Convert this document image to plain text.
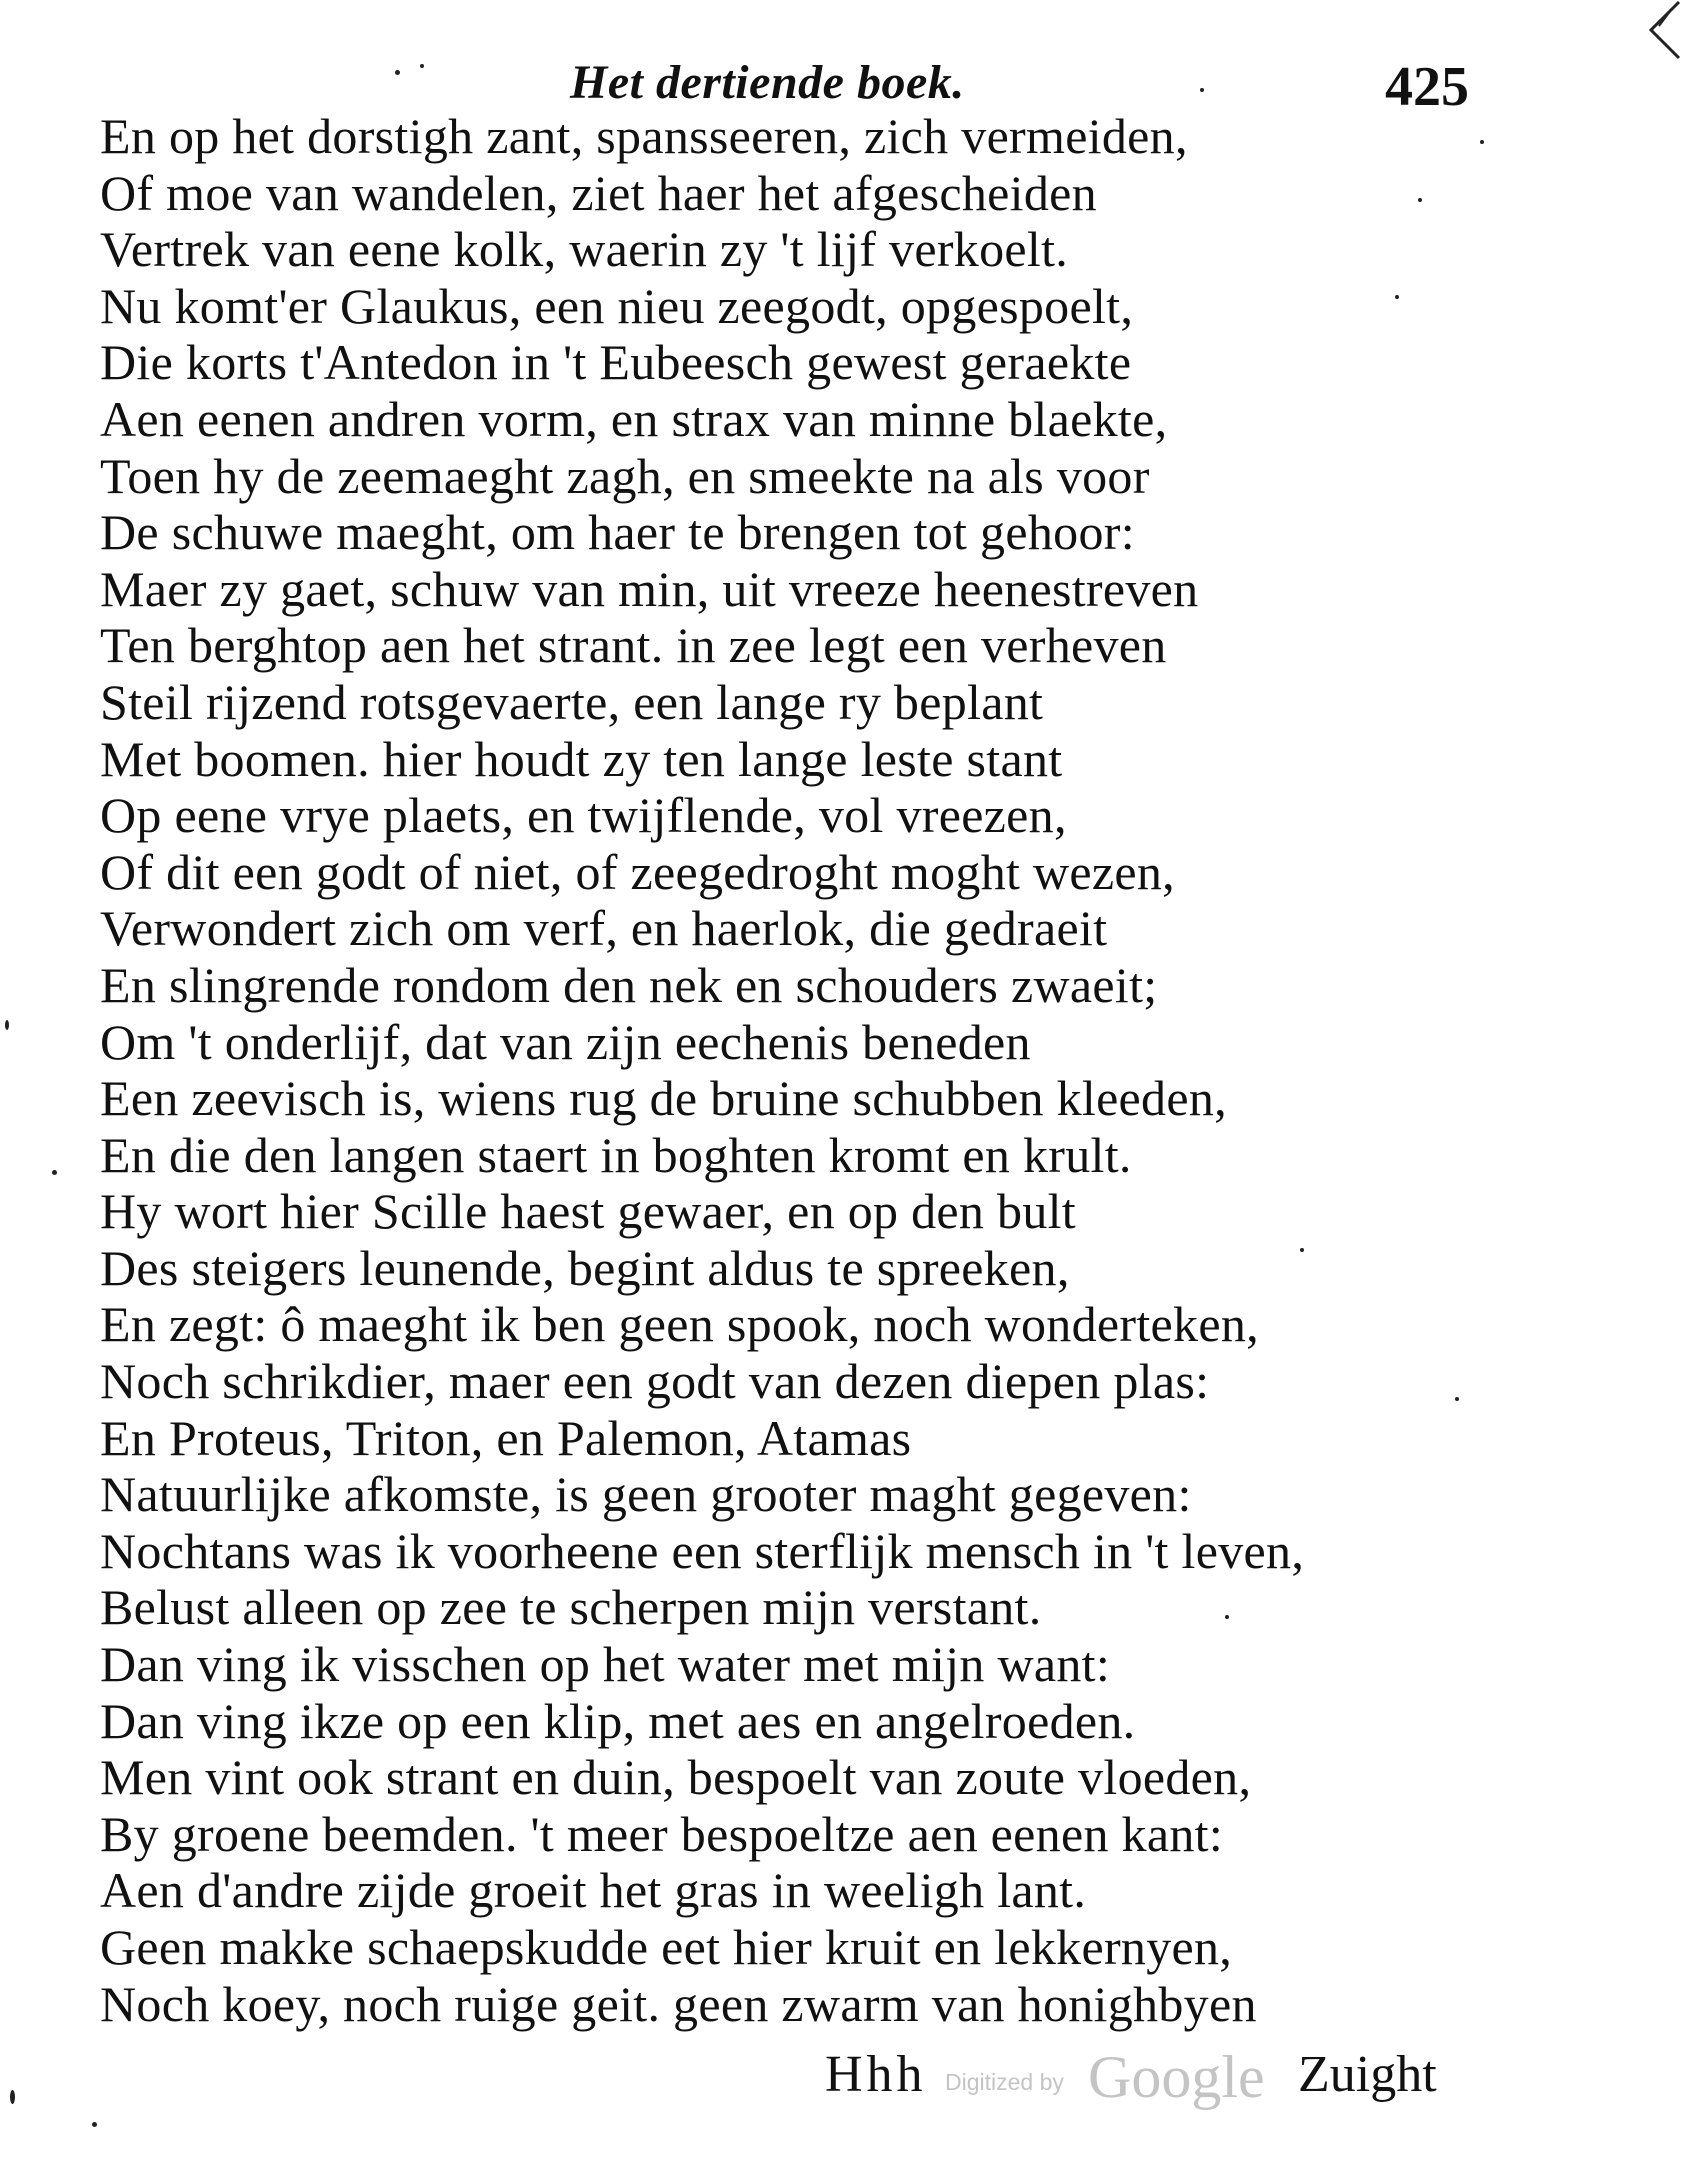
Het dertiende boek.	425
En op het dorstigh zant, spansseeren, zich vermeiden,
Of moe van wandelen, ziet haer het afgescheiden
Vertrek van eene kolk, waerin zy 't lijf verkoelt.
Nu komt'er Glaukus, een nieu zeegodt, opgespoelt,
Die korts t'Antedon in 't Eubeesch gewest geraekte
Aen eenen andren vorm, en strax van minne blaekte,
Toen hy de zeemaeght zagh, en smeekte na als voor
De schuwe maeght, om haer te brengen tot gehoor:
Maer zy gaet, schuw van min, uit vreeze heenestreven
Ten berghtop aen het strant. in zee legt een verheven
Steil rijzend rotsgevaerte, een lange ry beplant
Met boomen. hier houdt zy ten lange leste stant
Op eene vrye plaets, en twijflende, vol vreezen,
Of dit een godt of niet, of zeegedroght moght wezen,
Verwondert zich om verf, en haerlok, die gedraeit
En slingrende rondom den nek en schouders zwaeit;
Om 't onderlijf, dat van zijn eechenis beneden
Een zeevisch is, wiens rug de bruine schubben kleeden,
En die den langen staert in boghten kromt en krult.
Hy wort hier Scille haest gewaer, en op den bult
Des steigers leunende, begint aldus te spreeken,
En zegt: ô maeght ik ben geen spook, noch wonderteken,
Noch schrikdier, maer een godt van dezen diepen plas:
En Proteus, Triton, en Palemon, Atamas
Natuurlijke afkomste, is geen grooter maght gegeven:
Nochtans was ik voorheene een sterflijk mensch in 't leven,
Belust alleen op zee te scherpen mijn verstant.
Dan ving ik visschen op het water met mijn want:
Dan ving ikze op een klip, met aes en angelroeden.
Men vint ook strant en duin, bespoelt van zoute vloeden,
By groene beemden. 't meer bespoeltze aen eenen kant:
Aen d'andre zijde groeit het gras in weeligh lant.
Geen makke schaepskudde eet hier kruit en lekkernyen,
Noch koey, noch ruige geit. geen zwarm van honighbyen
Hhh Digitized by Google Zuight
